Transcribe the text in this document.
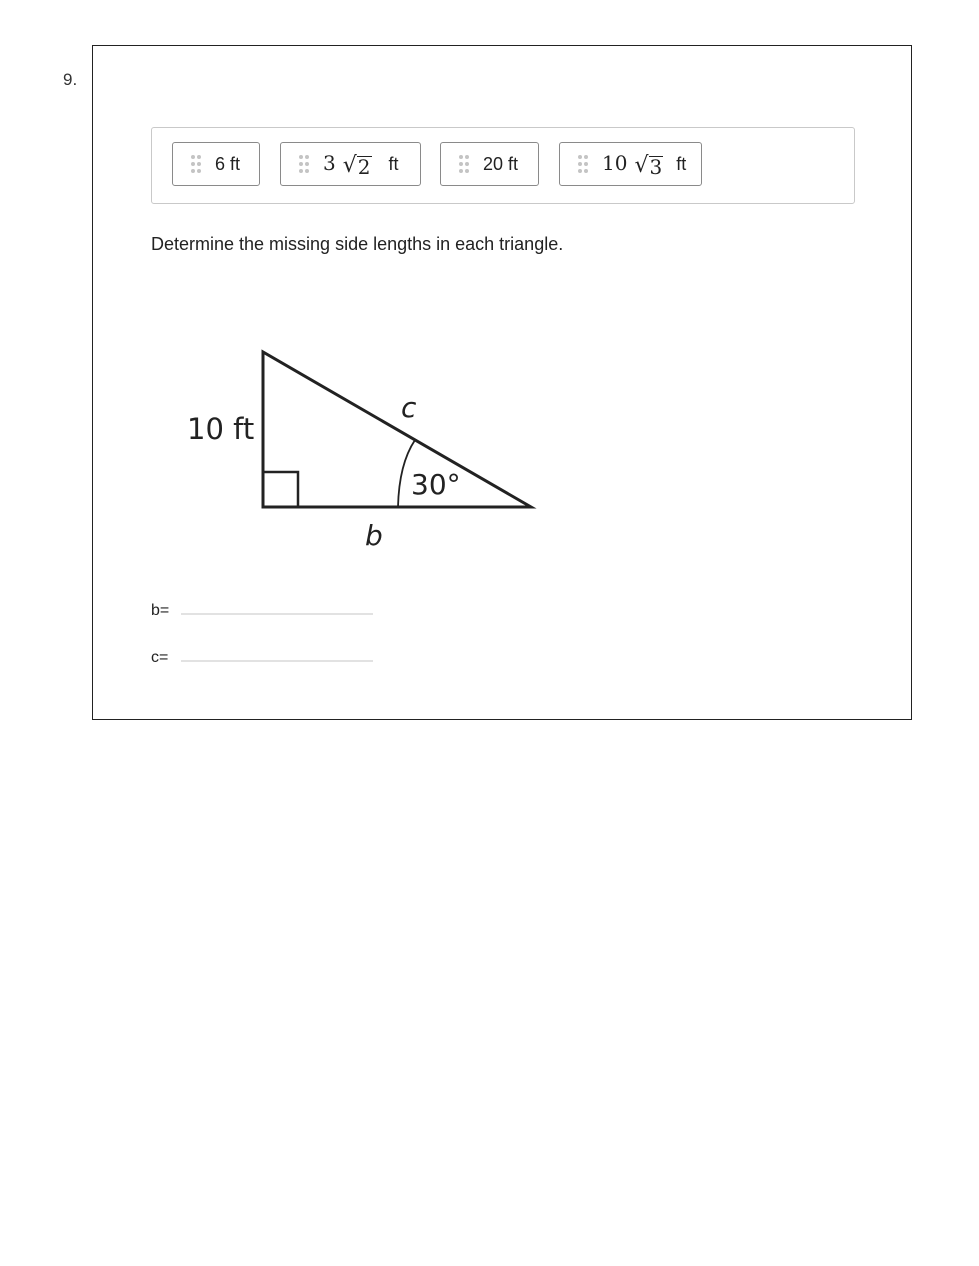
9.
6 ft	3 √ 2 ft	20 ft	10 √ 3 ft
Determine the missing side lengths in each triangle.
10 ft
c
30°
b
b=
c=
